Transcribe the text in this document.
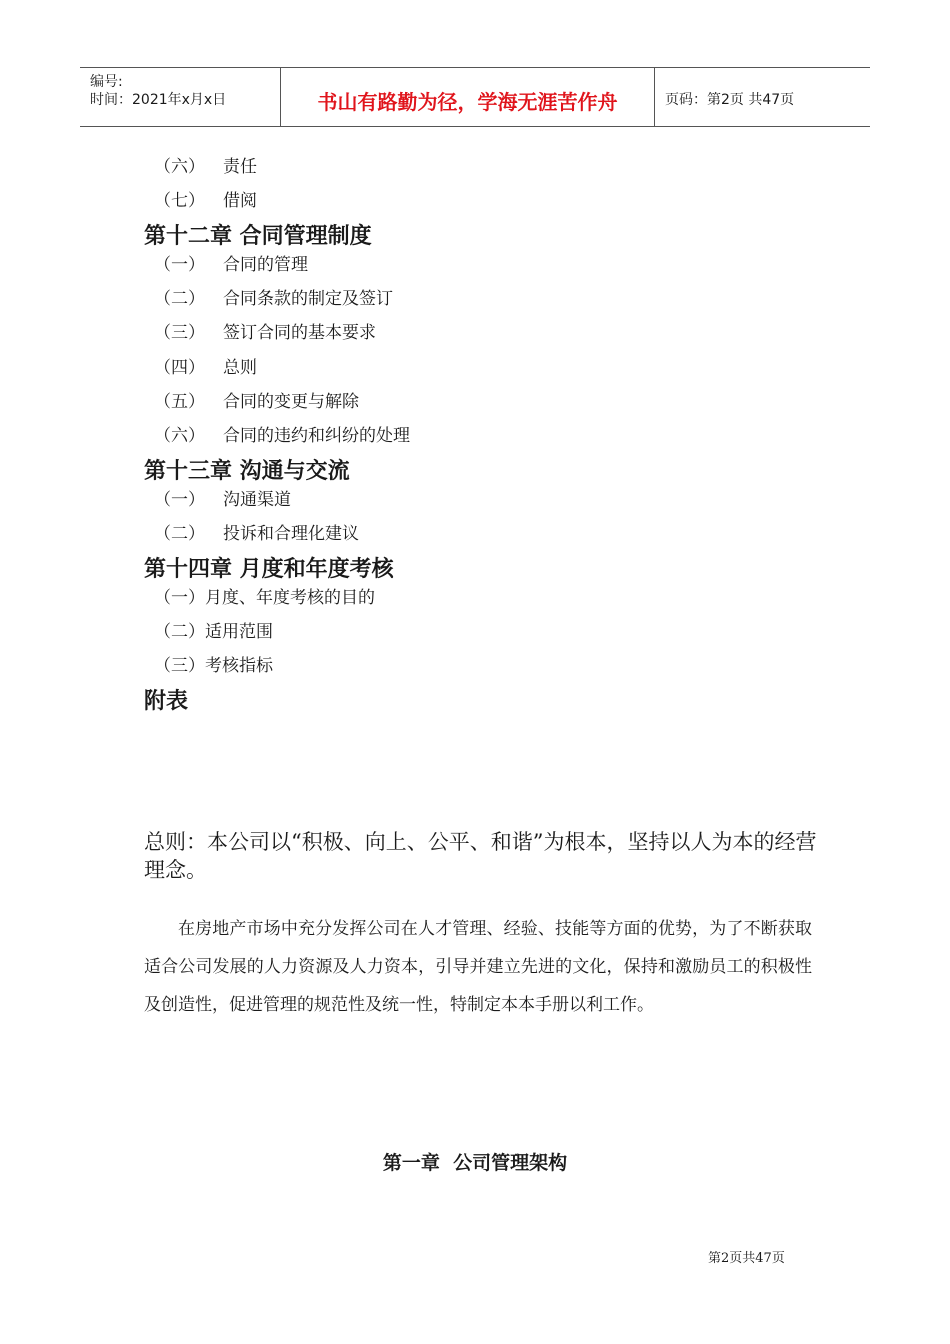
编号:
时间：2021年x月x日	书山有路勤为径，学海无涯苦作舟	页码：第2页 共47页
（六） 责任
（七） 借阅
第十二章 合同管理制度
（一） 合同的管理
（二） 合同条款的制定及签订
（三） 签订合同的基本要求
（四） 总则
（五） 合同的变更与解除
（六） 合同的违约和纠纷的处理
第十三章 沟通与交流
（一） 沟通渠道
（二） 投诉和合理化建议
第十四章 月度和年度考核
（一）月度、年度考核的目的
（二）适用范围
（三）考核指标
附表
总则：本公司以“积极、向上、公平、和谐”为根本，坚持以人为本的经营理念。
在房地产市场中充分发挥公司在人才管理、经验、技能等方面的优势，为了不断获取适合公司发展的人力资源及人力资本，引导并建立先进的文化，保持和激励员工的积极性及创造性，促进管理的规范性及统一性，特制定本本手册以利工作。
第一章  公司管理架构
第2页共47页
